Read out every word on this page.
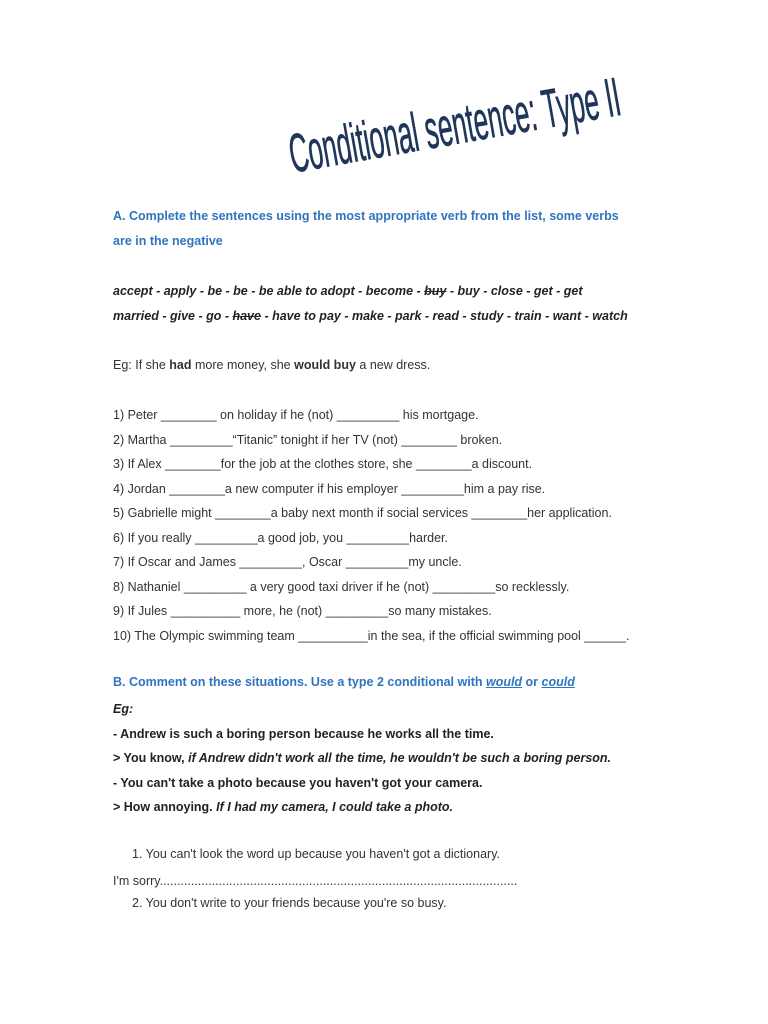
Conditional sentence: Type II
A. Complete the sentences using the most appropriate verb from the list, some verbs
are in the negative
accept - apply - be - be - be able to adopt - become - buy - buy - close - get - get
married - give - go - have - have to pay - make - park - read - study - train - want - watch
Eg: If she had more money, she would buy a new dress.
1) Peter ________ on holiday if he (not) _________ his mortgage.
2) Martha _________“Titanic” tonight if her TV (not) ________ broken.
3) If Alex ________for the job at the clothes store, she ________a discount.
4) Jordan ________a new computer if his employer _________him a pay rise.
5) Gabrielle might ________a baby next month if social services ________her application.
6) If you really _________a good job, you _________harder.
7) If Oscar and James _________, Oscar _________my uncle.
8) Nathaniel _________ a very good taxi driver if he (not) _________so recklessly.
9) If Jules __________ more, he (not) _________so many mistakes.
10) The Olympic swimming team __________in the sea, if the official swimming pool ______.
B. Comment on these situations. Use a type 2 conditional with would or could
Eg:
- Andrew is such a boring person because he works all the time.
> You know, if Andrew didn't work all the time, he wouldn't be such a boring person.
- You can't take a photo because you haven't got your camera.
> How annoying. If I had my camera, I could take a photo.
1. You can't look the word up because you haven't got a dictionary.
I'm sorry.......................................................................................................
2. You don't write to your friends because you're so busy.
